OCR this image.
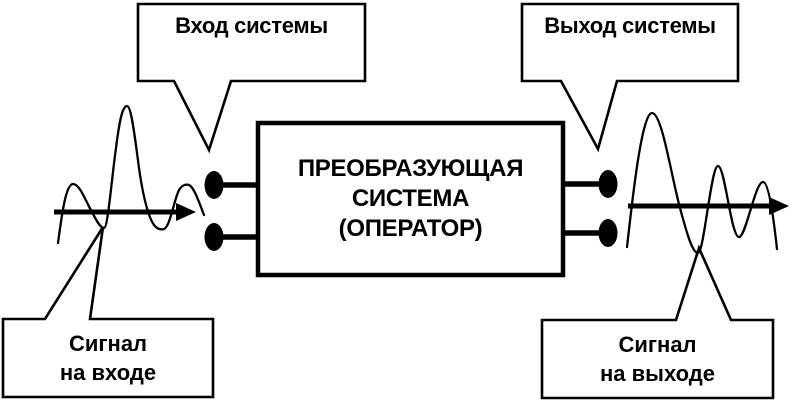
Вход системы	Выход системы
ПРЕОБРАЗУЮЩАЯ
СИСТЕМА
(ОПЕРАТОР)
Сигнал
на входе
Сигнал
на выходе
